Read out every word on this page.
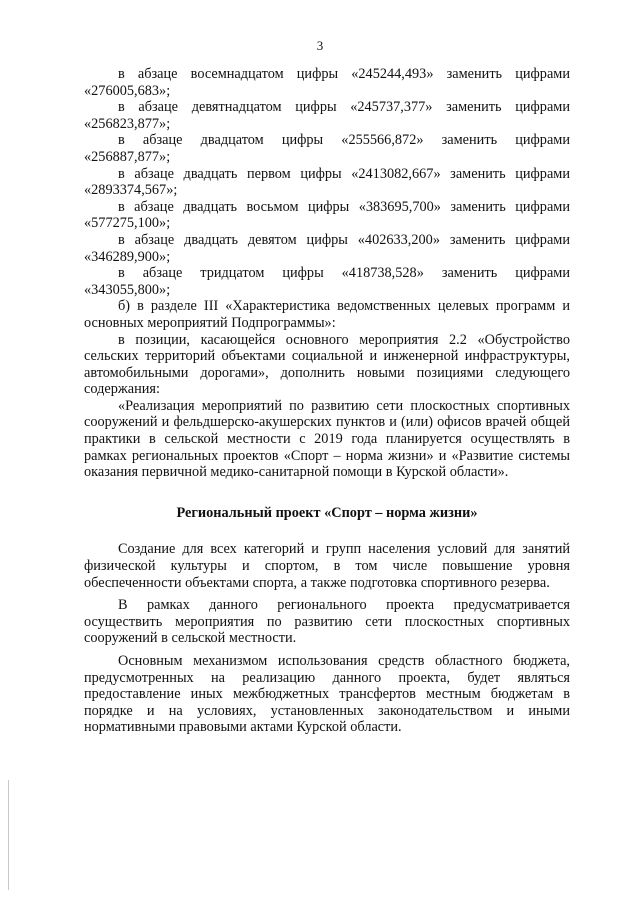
3

в абзаце восемнадцатом цифры «245244,493» заменить цифрами «276005,683»;

в абзаце девятнадцатом цифры «245737,377» заменить цифрами «256823,877»;

в абзаце двадцатом цифры «255566,872» заменить цифрами «256887,877»;

в абзаце двадцать первом цифры «2413082,667» заменить цифрами «2893374,567»;

в абзаце двадцать восьмом цифры «383695,700» заменить цифрами «577275,100»;

в абзаце двадцать девятом цифры «402633,200» заменить цифрами «346289,900»;

в абзаце тридцатом цифры «418738,528» заменить цифрами «343055,800»;

б) в разделе III «Характеристика ведомственных целевых программ и основных мероприятий Подпрограммы»:

в позиции, касающейся основного мероприятия 2.2 «Обустройство сельских территорий объектами социальной и инженерной инфраструктуры, автомобильными дорогами», дополнить новыми позициями следующего содержания:

«Реализация мероприятий по развитию сети плоскостных спортивных сооружений и фельдшерско-акушерских пунктов и (или) офисов врачей общей практики в сельской местности с 2019 года планируется осуществлять в рамках региональных проектов «Спорт – норма жизни» и «Развитие системы оказания первичной медико-санитарной помощи в Курской области».

Региональный проект «Спорт – норма жизни»

Создание для всех категорий и групп населения условий для занятий физической культуры и спортом, в том числе повышение уровня обеспеченности объектами спорта, а также подготовка спортивного резерва.

В рамках данного регионального проекта предусматривается осуществить мероприятия по развитию сети плоскостных спортивных сооружений в сельской местности.

Основным механизмом использования средств областного бюджета, предусмотренных на реализацию данного проекта, будет являться предоставление иных межбюджетных трансфертов местным бюджетам в порядке и на условиях, установленных законодательством и иными нормативными правовыми актами Курской области.
